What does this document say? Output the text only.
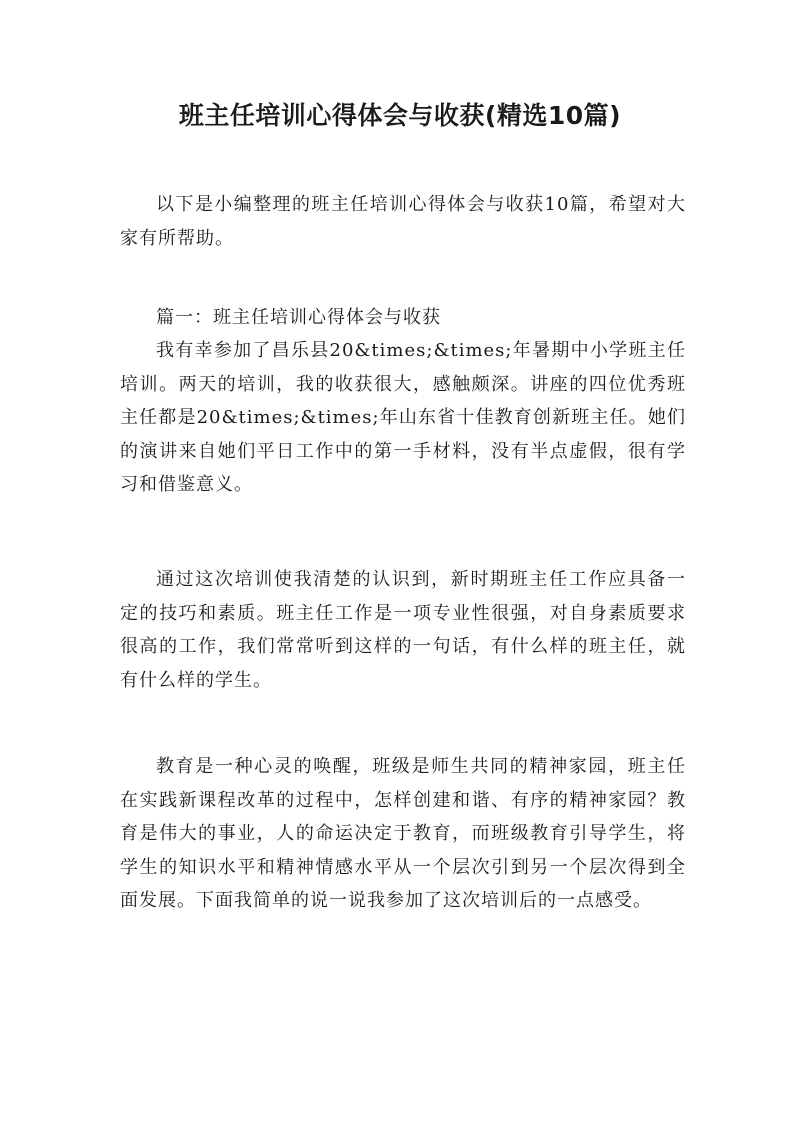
班主任培训心得体会与收获(精选10篇)

以下是小编整理的班主任培训心得体会与收获10篇，希望对大家有所帮助。

篇一：班主任培训心得体会与收获

我有幸参加了昌乐县20&times;&times;年暑期中小学班主任培训。两天的培训，我的收获很大，感触颇深。讲座的四位优秀班主任都是20&times;&times;年山东省十佳教育创新班主任。她们的演讲来自她们平日工作中的第一手材料，没有半点虚假，很有学习和借鉴意义。

通过这次培训使我清楚的认识到，新时期班主任工作应具备一定的技巧和素质。班主任工作是一项专业性很强，对自身素质要求很高的工作，我们常常听到这样的一句话，有什么样的班主任，就有什么样的学生。

教育是一种心灵的唤醒，班级是师生共同的精神家园，班主任在实践新课程改革的过程中，怎样创建和谐、有序的精神家园？教育是伟大的事业，人的命运决定于教育，而班级教育引导学生，将学生的知识水平和精神情感水平从一个层次引到另一个层次得到全面发展。下面我简单的说一说我参加了这次培训后的一点感受。
